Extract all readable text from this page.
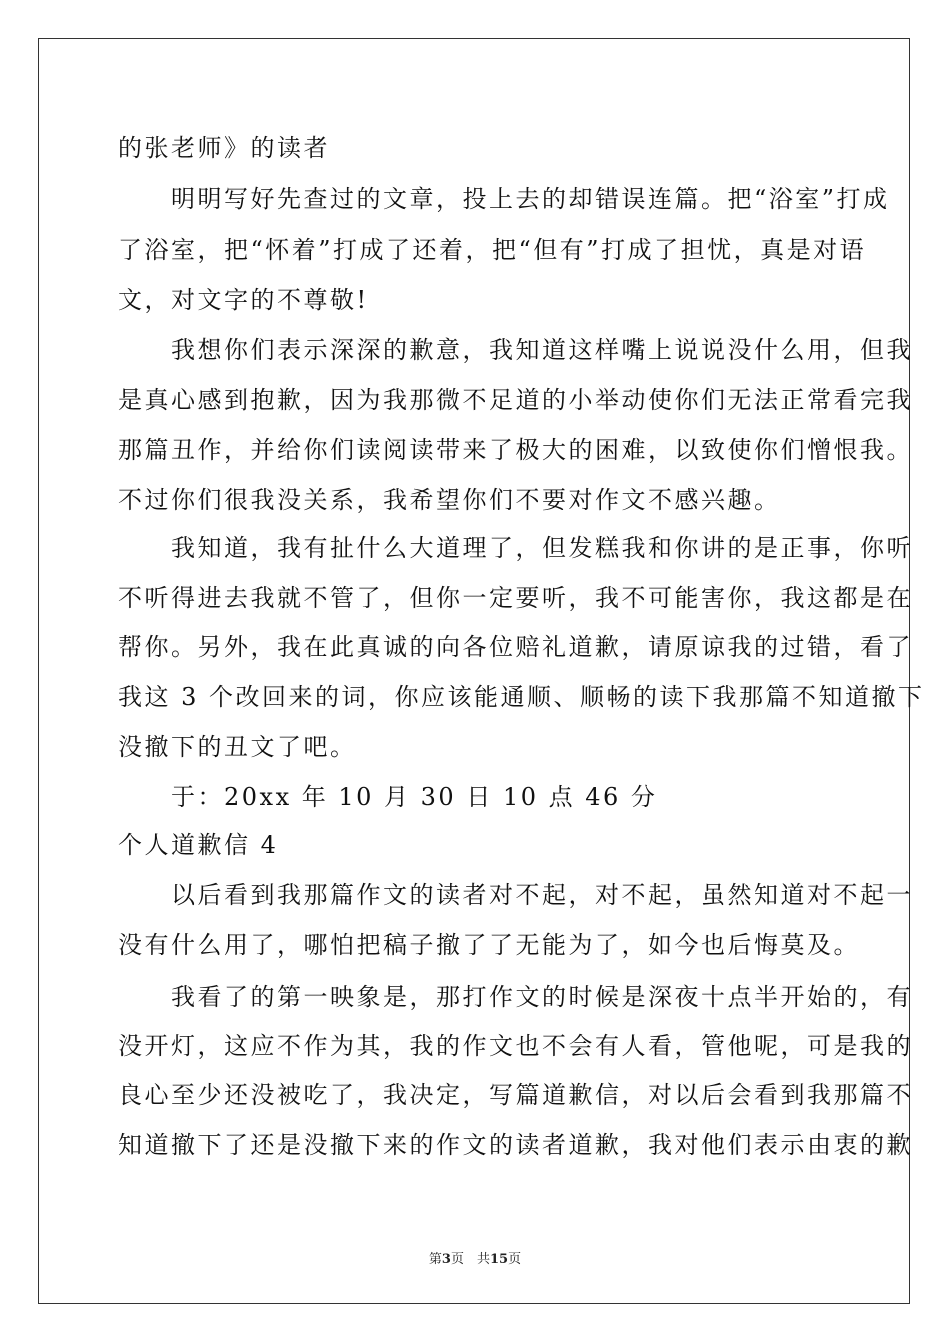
的张老师》的读者
　　明明写好先查过的文章，投上去的却错误连篇。把“浴室”打成
了浴室，把“怀着”打成了还着，把“但有”打成了担忧，真是对语
文，对文字的不尊敬!
　　我想你们表示深深的歉意，我知道这样嘴上说说没什么用，但我
是真心感到抱歉，因为我那微不足道的小举动使你们无法正常看完我
那篇丑作，并给你们读阅读带来了极大的困难，以致使你们憎恨我。
不过你们很我没关系，我希望你们不要对作文不感兴趣。
　　我知道，我有扯什么大道理了，但发糕我和你讲的是正事，你听
不听得进去我就不管了，但你一定要听，我不可能害你，我这都是在
帮你。另外，我在此真诚的向各位赔礼道歉，请原谅我的过错，看了
我这 3 个改回来的词，你应该能通顺、顺畅的读下我那篇不知道撤下
没撤下的丑文了吧。
　　于：20xx 年 10 月 30 日 10 点 46 分
个人道歉信 4
　　以后看到我那篇作文的读者对不起，对不起，虽然知道对不起一
没有什么用了，哪怕把稿子撤了了无能为了，如今也后悔莫及。
　　我看了的第一映象是，那打作文的时候是深夜十点半开始的，有
没开灯，这应不作为其，我的作文也不会有人看，管他呢，可是我的
良心至少还没被吃了，我决定，写篇道歉信，对以后会看到我那篇不
知道撤下了还是没撤下来的作文的读者道歉，我对他们表示由衷的歉
第3页　共15页
